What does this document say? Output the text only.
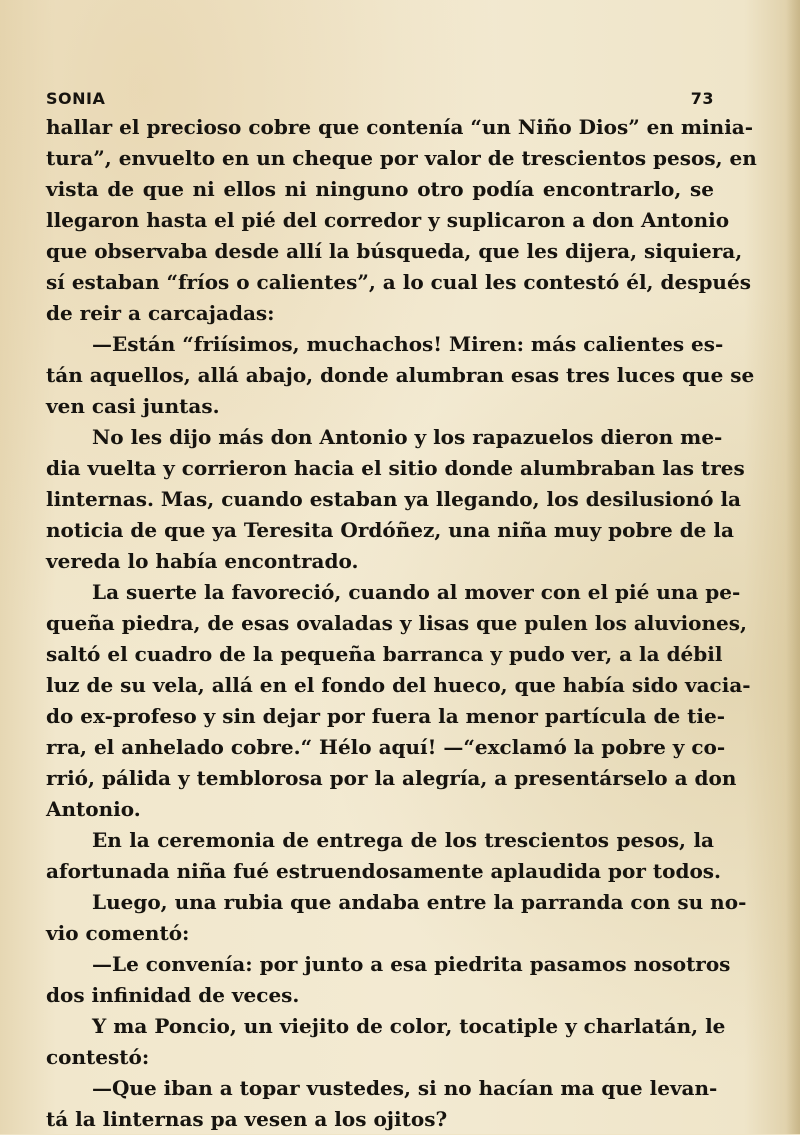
SONIA	73
hallar el precioso cobre que contenía “un Niño Dios” en minia-
tura”, envuelto en un cheque por valor de trescientos pesos, en
vista de que ni ellos ni ninguno otro podía encontrarlo, se
llegaron hasta el pié del corredor y suplicaron a don Antonio
que observaba desde allí la búsqueda, que les dijera, siquiera,
sí estaban “fríos o calientes”, a lo cual les contestó él, después
de reir a carcajadas:
—Están “friísimos, muchachos! Miren: más calientes es-
tán aquellos, allá abajo, donde alumbran esas tres luces que se
ven casi juntas.
No les dijo más don Antonio y los rapazuelos dieron me-
dia vuelta y corrieron hacia el sitio donde alumbraban las tres
linternas. Mas, cuando estaban ya llegando, los desilusionó la
noticia de que ya Teresita Ordóñez, una niña muy pobre de la
vereda lo había encontrado.
La suerte la favoreció, cuando al mover con el pié una pe-
queña piedra, de esas ovaladas y lisas que pulen los aluviones,
saltó el cuadro de la pequeña barranca y pudo ver, a la débil
luz de su vela, allá en el fondo del hueco, que había sido vacia-
do ex-profeso y sin dejar por fuera la menor partícula de tie-
rra, el anhelado cobre.“ Hélo aquí! —“exclamó la pobre y co-
rrió, pálida y temblorosa por la alegría, a presentárselo a don
Antonio.
En la ceremonia de entrega de los trescientos pesos, la
afortunada niña fué estruendosamente aplaudida por todos.
Luego, una rubia que andaba entre la parranda con su no-
vio comentó:
—Le convenía: por junto a esa piedrita pasamos nosotros
dos infinidad de veces.
Y ma Poncio, un viejito de color, tocatiple y charlatán, le
contestó:
—Que iban a topar vustedes, si no hacían ma que levan-
tá la linternas pa vesen a los ojitos?
